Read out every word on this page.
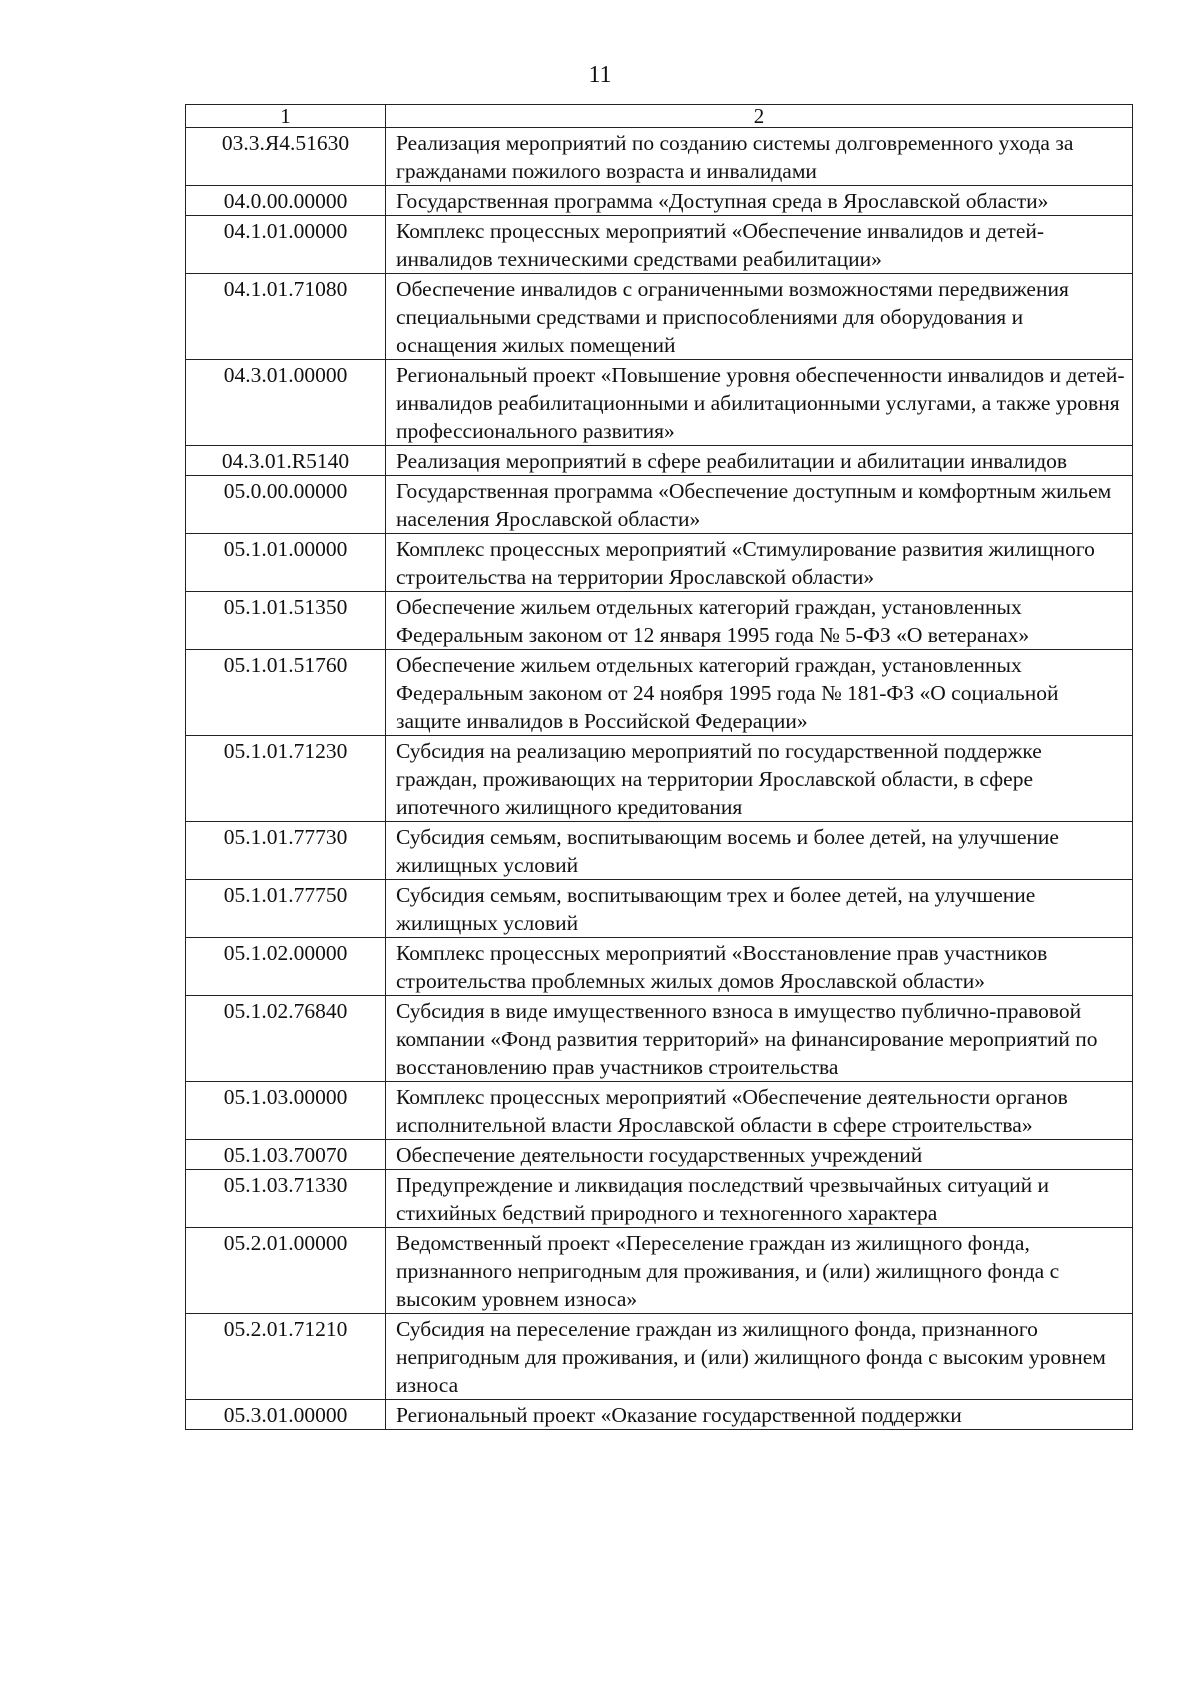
11
1	2
03.3.Я4.51630	Реализация мероприятий по созданию системы долговременного ухода за гражданами пожилого возраста и инвалидами
04.0.00.00000	Государственная программа «Доступная среда в Ярославской области»
04.1.01.00000	Комплекс процессных мероприятий «Обеспечение инвалидов и детей-инвалидов техническими средствами реабилитации»
04.1.01.71080	Обеспечение инвалидов с ограниченными возможностями передвижения специальными средствами и приспособлениями для оборудования и оснащения жилых помещений
04.3.01.00000	Региональный проект «Повышение уровня обеспеченности инвалидов и детей-инвалидов реабилитационными и абилитационными услугами, а также уровня профессионального развития»
04.3.01.R5140	Реализация мероприятий в сфере реабилитации и абилитации инвалидов
05.0.00.00000	Государственная программа «Обеспечение доступным и комфортным жильем населения Ярославской области»
05.1.01.00000	Комплекс процессных мероприятий «Стимулирование развития жилищного строительства на территории Ярославской области»
05.1.01.51350	Обеспечение жильем отдельных категорий граждан, установленных Федеральным законом от 12 января 1995 года № 5-ФЗ «О ветеранах»
05.1.01.51760	Обеспечение жильем отдельных категорий граждан, установленных Федеральным законом от 24 ноября 1995 года № 181-ФЗ «О социальной защите инвалидов в Российской Федерации»
05.1.01.71230	Субсидия на реализацию мероприятий по государственной поддержке граждан, проживающих на территории Ярославской области, в сфере ипотечного жилищного кредитования
05.1.01.77730	Субсидия семьям, воспитывающим восемь и более детей, на улучшение жилищных условий
05.1.01.77750	Субсидия семьям, воспитывающим трех и более детей, на улучшение жилищных условий
05.1.02.00000	Комплекс процессных мероприятий «Восстановление прав участников строительства проблемных жилых домов Ярославской области»
05.1.02.76840	Субсидия в виде имущественного взноса в имущество публично-правовой компании «Фонд развития территорий» на финансирование мероприятий по восстановлению прав участников строительства
05.1.03.00000	Комплекс процессных мероприятий «Обеспечение деятельности органов исполнительной власти Ярославской области в сфере строительства»
05.1.03.70070	Обеспечение деятельности государственных учреждений
05.1.03.71330	Предупреждение и ликвидация последствий чрезвычайных ситуаций и стихийных бедствий природного и техногенного характера
05.2.01.00000	Ведомственный проект «Переселение граждан из жилищного фонда, признанного непригодным для проживания, и (или) жилищного фонда с высоким уровнем износа»
05.2.01.71210	Субсидия на переселение граждан из жилищного фонда, признанного непригодным для проживания, и (или) жилищного фонда с высоким уровнем износа
05.3.01.00000	Региональный проект «Оказание государственной поддержки
